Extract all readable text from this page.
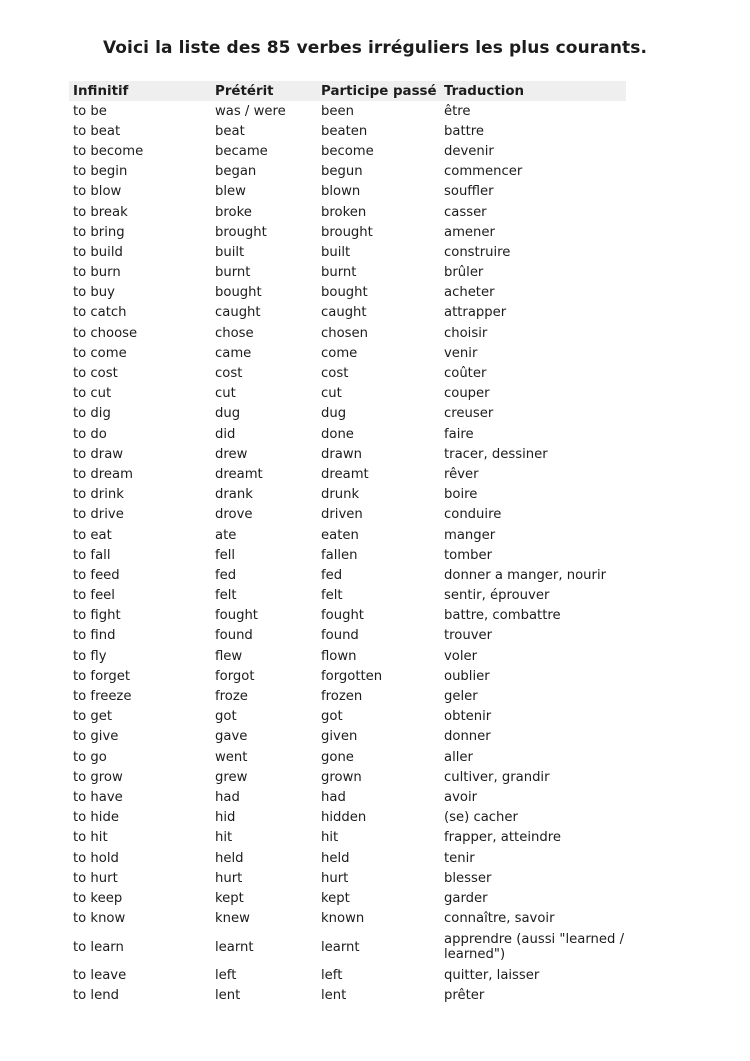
Voici la liste des 85 verbes irréguliers les plus courants.
Infinitif	Prétérit	Participe passé	Traduction
to be	was / were	been	être
to beat	beat	beaten	battre
to become	became	become	devenir
to begin	began	begun	commencer
to blow	blew	blown	souffler
to break	broke	broken	casser
to bring	brought	brought	amener
to build	built	built	construire
to burn	burnt	burnt	brûler
to buy	bought	bought	acheter
to catch	caught	caught	attrapper
to choose	chose	chosen	choisir
to come	came	come	venir
to cost	cost	cost	coûter
to cut	cut	cut	couper
to dig	dug	dug	creuser
to do	did	done	faire
to draw	drew	drawn	tracer, dessiner
to dream	dreamt	dreamt	rêver
to drink	drank	drunk	boire
to drive	drove	driven	conduire
to eat	ate	eaten	manger
to fall	fell	fallen	tomber
to feed	fed	fed	donner a manger, nourir
to feel	felt	felt	sentir, éprouver
to fight	fought	fought	battre, combattre
to find	found	found	trouver
to fly	flew	flown	voler
to forget	forgot	forgotten	oublier
to freeze	froze	frozen	geler
to get	got	got	obtenir
to give	gave	given	donner
to go	went	gone	aller
to grow	grew	grown	cultiver, grandir
to have	had	had	avoir
to hide	hid	hidden	(se) cacher
to hit	hit	hit	frapper, atteindre
to hold	held	held	tenir
to hurt	hurt	hurt	blesser
to keep	kept	kept	garder
to know	knew	known	connaître, savoir
to learn	learnt	learnt	apprendre (aussi "learned / learned")
to leave	left	left	quitter, laisser
to lend	lent	lent	prêter
